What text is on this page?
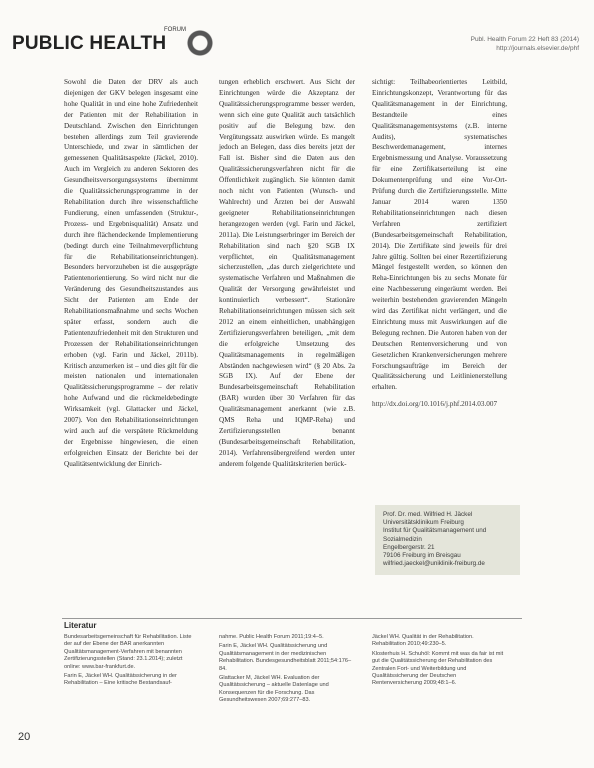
PUBLIC HEALTH
FORUM
Publ. Health Forum 22 Heft 83 (2014)
http://journals.elsevier.de/phf

Sowohl die Daten der DRV als auch diejenigen der GKV belegen insgesamt eine hohe Qualität in und eine hohe Zufriedenheit der Patienten mit der Rehabilitation in Deutschland. Zwischen den Einrichtungen bestehen allerdings zum Teil gravierende Unterschiede, und zwar in sämtlichen der gemessenen Qualitätsaspekte (Jäckel, 2010). Auch im Vergleich zu anderen Sektoren des Gesundheitsversorgungssystems übernimmt die Qualitätssicherungsprogramme in der Rehabilitation durch ihre wissenschaftliche Fundierung, einen umfassenden (Struktur-, Prozess- und Ergebnisqualität) Ansatz und durch ihre flächendeckende Implementierung (bedingt durch eine Teilnahmeverpflichtung für die Rehabilitationseinrichtungen). Besonders hervorzuheben ist die ausgeprägte Patientenorientierung. So wird nicht nur die Veränderung des Gesundheitszustandes aus Sicht der Patienten am Ende der Rehabilitationsmaßnahme und sechs Wochen später erfasst, sondern auch die Patientenzufriedenheit mit den Strukturen und Prozessen der Rehabilitationseinrichtungen erhoben (vgl. Farin und Jäckel, 2011b). Kritisch anzumerken ist – und dies gilt für die meisten nationalen und internationalen Qualitätssicherungsprogramme – der relativ hohe Aufwand und die rückmeldebedingte Wirksamkeit (vgl. Glattacker und Jäckel, 2007). Von den Rehabilitationseinrichtungen wird auch auf die verspätete Rückmeldung der Ergebnisse hingewiesen, die einen erfolgreichen Einsatz der Berichte bei der Qualitätsentwicklung der Einrich-

tungen erheblich erschwert. Aus Sicht der Einrichtungen würde die Akzeptanz der Qualitätssicherungsprogramme besser werden, wenn sich eine gute Qualität auch tatsächlich positiv auf die Belegung bzw. den Vergütungssatz auswirken würde. Es mangelt jedoch an Belegen, dass dies bereits jetzt der Fall ist. Bisher sind die Daten aus den Qualitätssicherungsverfahren nicht für die Öffentlichkeit zugänglich. Sie könnten damit noch nicht von Patienten (Wunsch- und Wahlrecht) und Ärzten bei der Auswahl geeigneter Rehabilitationseinrichtungen herangezogen werden (vgl. Farin und Jäckel, 2011a). Die Leistungserbringer im Bereich der Rehabilitation sind nach §20 SGB IX verpflichtet, ein Qualitätsmanagement sicherzustellen, „das durch zielgerichtete und systematische Verfahren und Maßnahmen die Qualität der Versorgung gewährleistet und kontinuierlich verbessert“. Stationäre Rehabilitationseinrichtungen müssen sich seit 2012 an einem einheitlichen, unabhängigen Zertifizierungsverfahren beteiligen, „mit dem die erfolgreiche Umsetzung des Qualitätsmanagements in regelmäßigen Abständen nachgewiesen wird“ (§ 20 Abs. 2a SGB IX). Auf der Ebene der Bundesarbeitsgemeinschaft Rehabilitation (BAR) wurden über 30 Verfahren für das Qualitätsmanagement anerkannt (wie z.B. QMS Reha und IQMP-Reha) und Zertifizierungsstellen benannt (Bundesarbeitsgemeinschaft Rehabilitation, 2014). Verfahrensübergreifend werden unter anderem folgende Qualitätskriterien berück-

sichtigt: Teilhabeorientiertes Leitbild, Einrichtungskonzept, Verantwortung für das Qualitätsmanagement in der Einrichtung, Bestandteile eines Qualitätsmanagementsystems (z.B. interne Audits), systematisches Beschwerdemanagement, internes Ergebnismessung und Analyse. Voraussetzung für eine Zertifikatserteilung ist eine Dokumentenprüfung und eine Vor-Ort-Prüfung durch die Zertifizierungsstelle. Mitte Januar 2014 waren 1350 Rehabilitationseinrichtungen nach diesen Verfahren zertifiziert (Bundesarbeitsgemeinschaft Rehabilitation, 2014). Die Zertifikate sind jeweils für drei Jahre gültig. Sollten bei einer Rezertifizierung Mängel festgestellt werden, so können den Reha-Einrichtungen bis zu sechs Monate für eine Nachbesserung eingeräumt werden. Bei weiterhin bestehenden gravierenden Mängeln wird das Zertifikat nicht verlängert, und die Einrichtung muss mit Auswirkungen auf die Belegung rechnen. Die Autoren haben von der Deutschen Rentenversicherung und von Gesetzlichen Krankenversicherungen mehrere Forschungsaufträge im Bereich der Qualitätssicherung und Leitlinienerstellung erhalten.

http://dx.doi.org/10.1016/j.phf.2014.03.007

Prof. Dr. med. Wilfried H. Jäckel
Universitätsklinikum Freiburg
Institut für Qualitätsmanagement und
Sozialmedizin
Engelbergerstr. 21
79106 Freiburg im Breisgau
wilfried.jaeckel@uniklinik-freiburg.de
Literatur

Bundesarbeitsgemeinschaft für Rehabilitation. Liste der auf der Ebene der BAR anerkannten Qualitätsmanagement-Verfahren mit benannten Zertifizierungsstellen (Stand: 23.1.2014); zuletzt online: www.bar-frankfurt.de.

Farin E, Jäckel WH. Qualitätssicherung in der Rehabilitation – Eine kritische Bestandsauf-

nahme. Public Health Forum 2011;19:4–5.

Farin E, Jäckel WH. Qualitätssicherung und Qualitätsmanagement in der medizinischen Rehabilitation. Bundesgesundheitsblatt 2011;54:176–84.

Glattacker M, Jäckel WH. Evaluation der Qualitätssicherung – aktuelle Datenlage und Konsequenzen für die Forschung. Das Gesundheitswesen 2007;69:277–83.

Jäckel WH. Qualität in der Rehabilitation. Rehabilitation 2010;49:230–5.

Klosterhuis H. Schuhöl: Kommt mit was da fair ist mit gut die Qualitätssicherung der Rehabilitation des Zentralen Fort- und Weiterbildung und Qualitätssicherung der Deutschen Rentenversicherung 2009;48:1–6.

20
